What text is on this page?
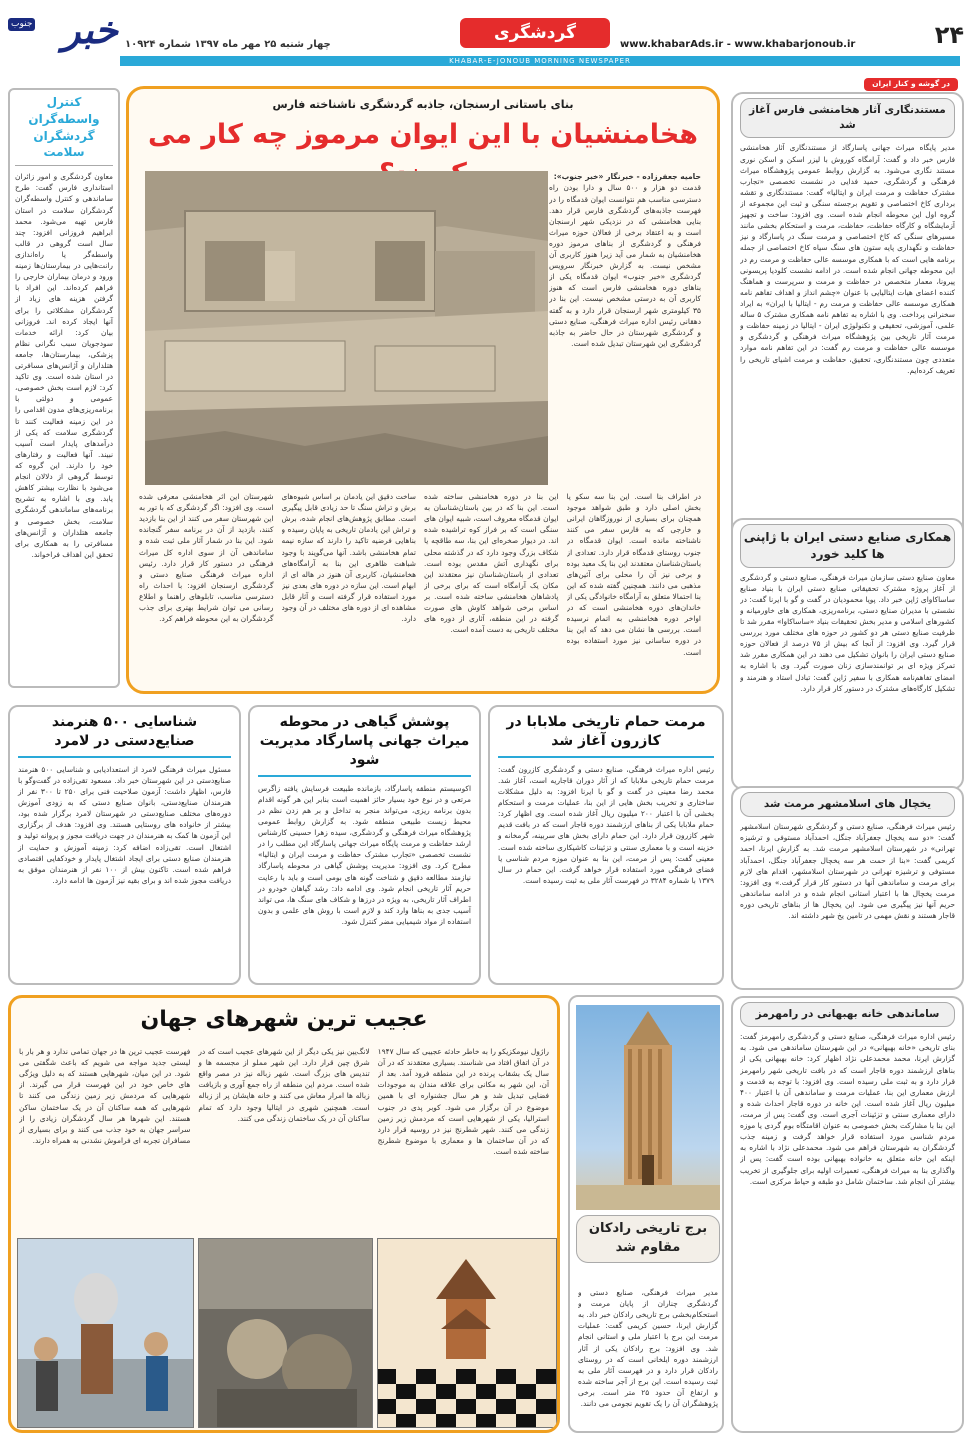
جنوب خبر چهار شنبه ۲۵ مهر ماه ۱۳۹۷ شماره ۱۰۹۲۴
گردشگری
www.khabarAds.ir - www.khabarjonoub.ir	۲۴
KHABAR-E-JONOUB MORNING NEWSPAPER
کنترل واسطه‌گران گردشگران سلامت

معاون گردشگری و امور زائران استانداری فارس گفت: طرح ساماندهی و کنترل واسطه‌گران گردشگران سلامت در استان فارس تهیه می‌شود. محمد ابراهیم فروزانی افزود: چند سال است گروهی در قالب واسطه‌گر یا راه‌اندازی رانت‌هایی در بیمارستان‌ها زمینه ورود و درمان بیماران خارجی را فراهم کرده‌اند. این افراد با گرفتن هزینه های زیاد از گردشگران مشکلاتی را برای آنها ایجاد کرده اند. فروزانی بیان کرد: ارائه خدمات سودجویان سبب نگرانی نظام پزشکی، بیمارستان‌ها، جامعه هتلداران و آژانس‌های مسافرتی در استان شده است. وی تاکید کرد: لازم است بخش خصوصی، عمومی و دولتی با برنامه‌ریزی‌های مدون اقدامی را در این زمینه فعالیت کنند تا گردشگری سلامت که یکی از درآمدهای پایدار است آسیب نبیند. آنها فعالیت و رفتارهای خود را دارند. این گروه که توسط گروهی از دلالان انجام می‌شود با نظارت بیشتر کاهش یابد. وی با اشاره به تشریح برنامه‌های ساماندهی گردشگری سلامت، بخش خصوصی و جامعه هتلداران و آژانس‌های مسافرتی را به همکاری برای تحقق این اهداف فراخواند.

بنای باستانی ارسنجان، جاذبه گردشگری ناشناخته فارس
هخامنشیان با این ایوان مرموز چه کار می

حامیه جعفرزاده - خبرنگار «خبر جنوب»:

قدمت دو هزار و ۵۰۰ سال و دارا بودن راه دسترسی مناسب هم نتوانست ایوان قدمگاه را در فهرست جاذبه‌های گردشگری فارس قرار دهد. بنایی هخامنشی که در نزدیکی شهر ارسنجان است و به اعتقاد برخی از فعالان حوزه میراث فرهنگی و گردشگری از بناهای مرموز دوره هخامنشیان به شمار می آید زیرا هنوز کاربری آن مشخص نیست. به گزارش خبرنگار سرویس گردشگری «خبر جنوب» ایوان قدمگاه یکی از بناهای دوره هخامنشی فارس است که هنوز کاربری آن به درستی مشخص نیست. این بنا در ۳۵ کیلومتری شهر ارسنجان قرار دارد و به گفته دهقانی رئیس اداره میراث فرهنگی، صنایع دستی و گردشگری شهرستان در حال حاضر به جاذبه گردشگری این شهرستان تبدیل شده است.

در اطراف بنا است. این بنا سه سکو یا بخش اصلی دارد و طبق شواهد موجود همچنان برای بسیاری از نوروزگاهان ایرانی و خارجی که به فارس سفر می کنند ناشناخته مانده است. ایوان قدمگاه در جنوب روستای قدمگاه قرار دارد. تعدادی از باستان‌شناسان معتقدند این بنا یک معبد بوده و برخی نیز آن را محلی برای آئین‌های مذهبی می دانند. همچنین گفته شده که این بنا احتمالا متعلق به آرامگاه خانوادگی یکی از خاندان‌های دوره هخامنشی است که در اواخر دوره هخامنشی به اتمام نرسیده است. بررسی ها نشان می دهد که این بنا در دوره ساسانی نیز مورد استفاده بوده است.

این بنا در دوره هخامنشی ساخته شده است. این بنا که در بین باستان‌شناسان به ایوان قدمگاه معروف است، شبیه ایوان های سنگی است که بر فراز کوه تراشیده شده اند. در دیوار صخره‌ای این بنا، سه طاقچه یا شکاف بزرگ وجود دارد که در گذشته محلی برای نگهداری آتش مقدس بوده است. تعدادی از باستان‌شناسان نیز معتقدند این مکان یک آرامگاه است که برای برخی از پادشاهان هخامنشی ساخته شده است. بر اساس برخی شواهد کاوش های صورت گرفته در این منطقه، آثاری از دوره های مختلف تاریخی به دست آمده است.

ساخت دقیق این یادمان بر اساس شیوه‌های برش و تراش سنگ تا حد زیادی قابل پیگیری است. مطابق پژوهش‌های انجام شده، برش و تراش این یادمان تاریخی به پایان رسیده و بناهایی فرضیه تاکید را دارند که سازه نیمه تمام هخامنشی باشد. آنها می‌گویند با وجود شباهت ظاهری این بنا به آرامگاه‌های هخامنشیان، کاربری آن هنوز در هاله ای از ابهام است. این سازه در دوره های بعدی نیز مورد استفاده قرار گرفته است و آثار قابل مشاهده ای از دوره های مختلف در آن وجود دارد.

شهرستان این اثر هخامنشی معرفی شده است. وی افزود: اگر گردشگری که با تور به این شهرستان سفر می کنند از این بنا بازدید کنند، بازدید از آن در برنامه سفر گنجانده شود. این بنا در شمار آثار ملی ثبت شده و ساماندهی آن از سوی اداره کل میراث فرهنگی در دستور کار قرار دارد. رئیس اداره میراث فرهنگی صنایع دستی و گردشگری ارسنجان افزود: با احداث راه دسترسی مناسب، تابلوهای راهنما و اطلاع رسانی می توان شرایط بهتری برای جذب گردشگران به این محوطه فراهم کرد.

مستندنگاری آثار هخامنشی فارس آغاز شد

مدیر پایگاه میراث جهانی پاسارگاد از مستندنگاری آثار هخامنشی فارس خبر داد و گفت: آرامگاه کوروش با لیزر اسکن و اسکن نوری مستند نگاری می‌شود. به گزارش روابط عمومی پژوهشگاه میراث فرهنگی و گردشگری، حمید فدایی در نشست تخصصی «تجارب مشترک حفاظت و مرمت ایران و ایتالیا» گفت: مستندنگاری و تقشه برداری کاخ اختصاصی و تقویم برجسته سنگی و ثبت این مجموعه از گروه اول این محوطه انجام شده است. وی افزود: ساخت و تجهیز آزمایشگاه و کارگاه حفاظت، حفاظت، مرمت و استحکام بخشی مانند مسیرهای سنگی که کاخ اختصاصی و مرمت سنگ در پاسارگاد و نیز حفاظت و نگهداری پایه ستون های سنگ سیاه کاخ اختصاصی از جمله برنامه هایی است که با همکاری موسسه عالی حفاظت و مرمت رم در این محوطه جهانی انجام شده است. در ادامه نشست کلودیا پریسونی پیرونا، معمار متخصص در حفاظت و مرمت و سرپرست و هماهنگ کننده اعضای هیات ایتالیایی با عنوان «چشم انداز و اهداف تفاهم نامه همکاری موسسه عالی حفاظت و مرمت رم - ایتالیا با ایران» به ایراد سخنرانی پرداخت. وی با اشاره به تفاهم نامه همکاری مشترک ۵ ساله علمی، آموزشی، تحقیقی و تکنولوژی ایران - ایتالیا در زمینه حفاظت و مرمت آثار تاریخی بین پژوهشگاه میراث فرهنگی و گردشگری و موسسه عالی حفاظت و مرمت رم گفت: در این تفاهم نامه موارد متعددی چون مستندنگاری، تحقیق، حفاظت و مرمت اشیای تاریخی را تعریف کرده‌ایم.

در گوشه و کنار ایران
همکاری صنایع دستی ایران با ژاپنی ها کلید خورد

معاون صنایع دستی سازمان میراث فرهنگی، صنایع دستی و گردشگری از آغاز پروژه مشترک تحقیقاتی صنایع دستی ایران با بنیاد صنایع ساساکاوای ژاپن خبر داد. پویا محمودیان در گفت و گو با ایرنا گفت: در نشستی با مدیران صنایع دستی، برنامه‌ریزی، همکاری های خاورمیانه و کشورهای اسلامی و مدیر بخش تحقیقات بنیاد «ساساکاوا» مقرر شد تا ظرفیت صنایع دستی هر دو کشور در حوزه های مختلف مورد بررسی قرار گیرد. وی افزود: از آنجا که بیش از ۷۵ درصد از فعالان حوزه صنایع دستی ایران را بانوان تشکیل می دهند در این همکاری مقرر شد تمرکز ویژه ای بر توانمندسازی زنان صورت گیرد. وی با اشاره به امضای تفاهم‌نامه همکاری با سفیر ژاپن گفت: تبادل استاد و هنرمند و تشکیل کارگاه‌های مشترک در دستور کار قرار دارد.

یخچال های اسلامشهر مرمت شد

رئیس میراث فرهنگی، صنایع دستی و گردشگری شهرستان اسلامشهر گفت: «دو سه یخچال جعفرآباد جنگل، احمدآباد مستوفی و ترشیزه تهرانی» در شهرستان اسلامشهر مرمت شد. به گزارش ایرنا، احمد کریمی گفت: «بنا از حمت هر سه یخچال جعفرآباد جنگل، احمدآباد مستوفی و ترشیزه تهرانی در شهرستان اسلامشهر، اقدام های لازم برای مرمت و ساماندهی آنها در دستور کار قرار گرفت.» وی افزود: مرمت یخچال ها با اعتبار استانی انجام شده و در ادامه ساماندهی حریم آنها نیز پیگیری می شود. این یخچال ها از بناهای تاریخی دوره قاجار هستند و نقش مهمی در تامین یخ شهر داشته اند.

ساماندهی خانه بهبهانی در رامهرمز

رئیس اداره میراث فرهنگی، صنایع دستی و گردشگری رامهرمز گفت: بنای تاریخی «خانه بهبهانی» در این شهرستان ساماندهی می شود. به گزارش ایرنا، محمد محمدعلی نژاد اظهار کرد: خانه بهبهانی یکی از بناهای ارزشمند دوره قاجار است که در بافت تاریخی شهر رامهرمز قرار دارد و به ثبت ملی رسیده است. وی افزود: با توجه به قدمت و ارزش معماری این بنا، عملیات مرمت و ساماندهی آن با اعتبار ۴۰۰ میلیون ریال آغاز شده است. این خانه در دوره قاجار احداث شده و دارای معماری سنتی و تزئینات آجری است. وی گفت: پس از مرمت، این بنا با مشارکت بخش خصوصی به عنوان اقامتگاه بوم گردی یا موزه مردم شناسی مورد استفاده قرار خواهد گرفت و زمینه جذب گردشگران به شهرستان فراهم می شود. محمدعلی نژاد با اشاره به اینکه این خانه متعلق به خانواده بهبهانی بوده است گفت: پس از واگذاری بنا به میراث فرهنگی، تعمیرات اولیه برای جلوگیری از تخریب بیشتر آن انجام شد. ساختمان شامل دو طبقه و حیاط مرکزی است.

مرمت حمام تاریخی ملابابا در کازرون آغاز شد

رئیس اداره میراث فرهنگی، صنایع دستی و گردشگری کازرون گفت: مرمت حمام تاریخی ملابابا که از آثار دوران قاجاریه است، آغاز شد. محمد رضا معینی در گفت و گو با ایرنا افزود: به دلیل مشکلات ساختاری و تخریب بخش هایی از این بنا، عملیات مرمت و استحکام بخشی آن با اعتبار ۲۰۰ میلیون ریال آغاز شده است. وی اظهار کرد: حمام ملابابا یکی از بناهای ارزشمند دوره قاجار است که در بافت قدیم شهر کازرون قرار دارد. این حمام دارای بخش های سربینه، گرمخانه و خزینه است و با معماری سنتی و تزئینات کاشیکاری ساخته شده است. معینی گفت: پس از مرمت، این بنا به عنوان موزه مردم شناسی یا فضای فرهنگی مورد استفاده قرار خواهد گرفت. این حمام در سال ۱۳۷۹ با شماره ۳۲۸۴ در فهرست آثار ملی به ثبت رسیده است.

پوشش گیاهی در محوطه میراث جهانی پاسارگاد مدیریت شود

اکوسیستم منطقه پاسارگاد، بازمانده طبیعت فرسایش یافته زاگرس مرتعی و در نوع خود بسیار حائز اهمیت است بنابر این هر گونه اقدام بدون برنامه ریزی، می‌تواند منجر به تداخل و بر هم زدن نظم در محیط زیست طبیعی منطقه شود. به گزارش روابط عمومی پژوهشگاه میراث فرهنگی و گردشگری، سیده زهرا حسینی کارشناس ارشد حفاظت و مرمت پایگاه میراث جهانی پاسارگاد این مطلب را در نشست تخصصی «تجارب مشترک حفاظت و مرمت ایران و ایتالیا» مطرح کرد. وی افزود: مدیریت پوشش گیاهی در محوطه پاسارگاد نیازمند مطالعه دقیق و شناخت گونه های بومی است و باید با رعایت حریم آثار تاریخی انجام شود. وی ادامه داد: رشد گیاهان خودرو در اطراف آثار تاریخی، به ویژه در درزها و شکاف های سنگ ها، می تواند آسیب جدی به بناها وارد کند و لازم است با روش های علمی و بدون استفاده از مواد شیمیایی مضر کنترل شود.

شناسایی ۵۰۰ هنرمند صنایع‌دستی در لامرد

مسئول میراث فرهنگی لامرد از استعدادیابی و شناسایی ۵۰۰ هنرمند صنایع‌دستی در این شهرستان خبر داد. مسعود تقی‌زاده در گفت‌وگو با فارس، اظهار داشت: آزمون صلاحیت فنی برای ۲۵۰ تا ۳۰۰ نفر از هنرمندان صنایع‌دستی، بانوان صنایع دستی که به زودی آموزش دوره‌های مختلف صنایع‌دستی در شهرستان لامرد برگزار شده بود، بیشتر از خانواده های روستایی هستند. وی افزود: هدف از برگزاری این آزمون ها کمک به هنرمندان در جهت دریافت مجوز و پروانه تولید و اشتغال است. تقی‌زاده اضافه کرد: زمینه آموزش و حمایت از هنرمندان صنایع دستی برای ایجاد اشتغال پایدار و خودکفایی اقتصادی فراهم شده است. تاکنون بیش از ۱۰۰ نفر از هنرمندان موفق به دریافت مجوز شده اند و برای بقیه نیز آزمون ها ادامه دارد.

برج تاریخی رادکان مقاوم شد

مدیر میراث فرهنگی، صنایع دستی و گردشگری چناران از پایان مرمت و استحکام‌بخشی برج تاریخی رادکان خبر داد. به گزارش ایرنا، حسین کریمی گفت: عملیات مرمت این برج با اعتبار ملی و استانی انجام شد. وی افزود: برج رادکان یکی از آثار ارزشمند دوره ایلخانی است که در روستای رادکان قرار دارد و در فهرست آثار ملی به ثبت رسیده است. این برج از آجر ساخته شده و ارتفاع آن حدود ۲۵ متر است. برخی پژوهشگران آن را یک تقویم نجومی می دانند.

عجیب ترین شهرهای جهان

راژول نیومکزیکو را به خاطر حادثه عجیبی که سال ۱۹۴۷ در آن اتفاق افتاد می شناسند. بسیاری معتقدند که در آن سال یک بشقاب پرنده در این منطقه فرود آمد. بعد از آن، این شهر به مکانی برای علاقه مندان به موجودات فضایی تبدیل شد و هر سال جشنواره ای با همین موضوع در آن برگزار می شود. کوبر پدی در جنوب استرالیا، یکی از شهرهایی است که مردمش زیر زمین زندگی می کنند. شهر شطرنج نیز در روسیه قرار دارد که در آن ساختمان ها و معماری با موضوع شطرنج ساخته شده است.

لانگ‌یین نیز یکی دیگر از این شهرهای عجیب است که در شرق چین قرار دارد. این شهر مملو از مجسمه ها و تندیس های بزرگ است. شهر زباله نیز در مصر واقع شده است. مردم این منطقه از راه جمع آوری و بازیافت زباله ها امرار معاش می کنند و خانه هایشان پر از زباله است. همچنین شهری در ایتالیا وجود دارد که تمام ساکنان آن در یک ساختمان زندگی می کنند.

فهرست عجیب ترین ها در جهان تمامی ندارد و هر بار با لیستی جدید مواجه می شویم که باعث شگفتی می شود. در این میان، شهرهایی هستند که به دلیل ویژگی های خاص خود در این فهرست قرار می گیرند. از شهرهایی که مردمش زیر زمین زندگی می کنند تا شهرهایی که همه ساکنان آن در یک ساختمان ساکن هستند. این شهرها هر سال گردشگران زیادی را از سراسر جهان به خود جذب می کنند و برای بسیاری از مسافران تجربه ای فراموش نشدنی به همراه دارند.
